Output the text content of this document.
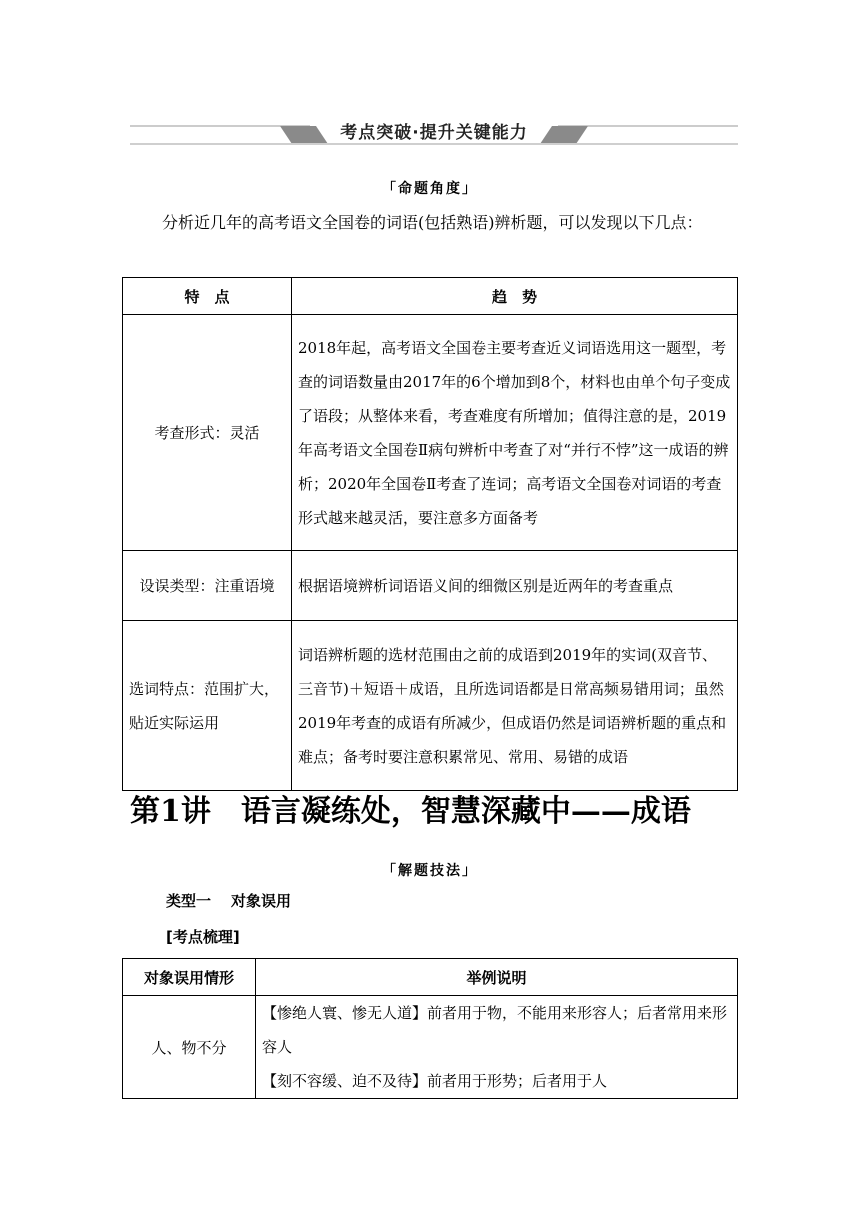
考点突破·提升关键能力
「命题角度」

分析近几年的高考语文全国卷的词语(包括熟语)辨析题，可以发现以下几点：

特　点	趋　势
考查形式：灵活	2018年起，高考语文全国卷主要考查近义词语选用这一题型，考查的词语数量由2017年的6个增加到8个，材料也由单个句子变成了语段；从整体来看，考查难度有所增加；值得注意的是，2019年高考语文全国卷Ⅱ病句辨析中考查了对“并行不悖”这一成语的辨析；2020年全国卷Ⅱ考查了连词；高考语文全国卷对词语的考查形式越来越灵活，要注意多方面备考
设误类型：注重语境	根据语境辨析词语语义间的细微区别是近两年的考查重点
选词特点：范围扩大，贴近实际运用	词语辨析题的选材范围由之前的成语到2019年的实词(双音节、三音节)＋短语＋成语，且所选词语都是日常高频易错用词；虽然2019年考查的成语有所减少，但成语仍然是词语辨析题的重点和难点；备考时要注意积累常见、常用、易错的成语
第1讲 语言凝练处，智慧深藏中——成语
「解题技法」
类型一 对象误用
[考点梳理]
对象误用情形	举例说明
人、物不分	【惨绝人寰、惨无人道】前者用于物，不能用来形容人；后者常用来形容人
【刻不容缓、迫不及待】前者用于形势；后者用于人
